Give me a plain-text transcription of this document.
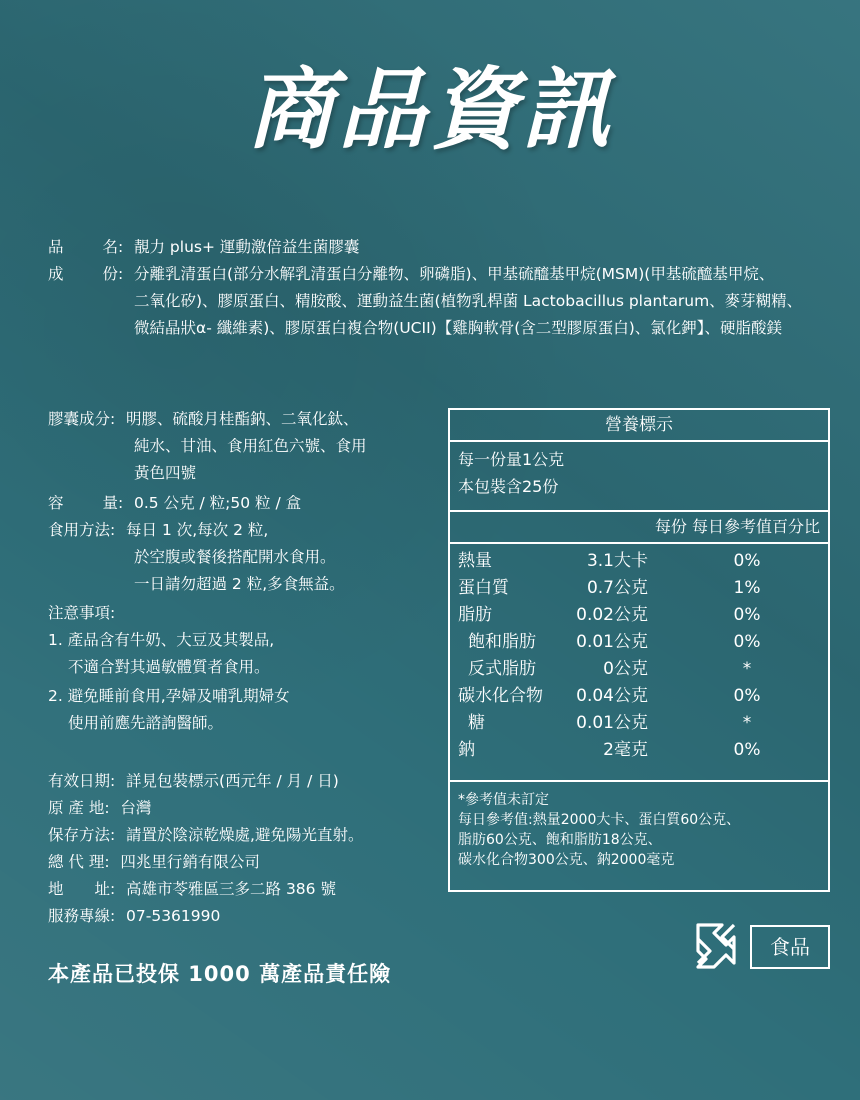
商品資訊
品	名 : 靚力 plus+ 運動激倍益生菌膠囊
成	份 : 分離乳清蛋白(部分水解乳清蛋白分離物、卵磷脂)、甲基硫醯基甲烷(MSM)(甲基硫醯基甲烷、
二氧化矽)、膠原蛋白、精胺酸、運動益生菌(植物乳桿菌 Lactobacillus plantarum、麥芽糊精、
微結晶狀α- 纖維素)、膠原蛋白複合物(UCII)【雞胸軟骨(含二型膠原蛋白)、氯化鉀】、硬脂酸鎂
膠囊成分: 明膠、硫酸月桂酯鈉、二氧化鈦、
純水、甘油、食用紅色六號、食用
黃色四號
容	量 : 0.5 公克 / 粒;50 粒 / 盒
食用方法: 每日 1 次,每次 2 粒,
於空腹或餐後搭配開水食用。
一日請勿超過 2 粒,多食無益。
注意事項:
1. 產品含有牛奶、大豆及其製品,
不適合對其過敏體質者食用。
2. 避免睡前食用,孕婦及哺乳期婦女
使用前應先諮詢醫師。
有效日期: 詳見包裝標示(西元年 / 月 / 日)
原 產 地: 台灣
保存方法: 請置於陰涼乾燥處,避免陽光直射。
總 代 理: 四兆里行銷有限公司
地　　址: 高雄市苓雅區三多二路 386 號
服務專線: 07-5361990
本產品已投保 1000 萬產品責任險
營養標示
每一份量1公克
本包裝含25份
每份 每日參考值百分比
熱量	3.1大卡	0%
蛋白質	0.7公克	1%
脂肪	0.02公克	0%
飽和脂肪 0.01公克	0%
反式脂肪	0公克	*
碳水化合物 0.04公克	0%
糖	0.01公克	*
鈉	2毫克	0%
*參考值未訂定
每日參考值:熱量2000大卡、蛋白質60公克、
脂肪60公克、飽和脂肪18公克、
碳水化合物300公克、鈉2000毫克
食品
